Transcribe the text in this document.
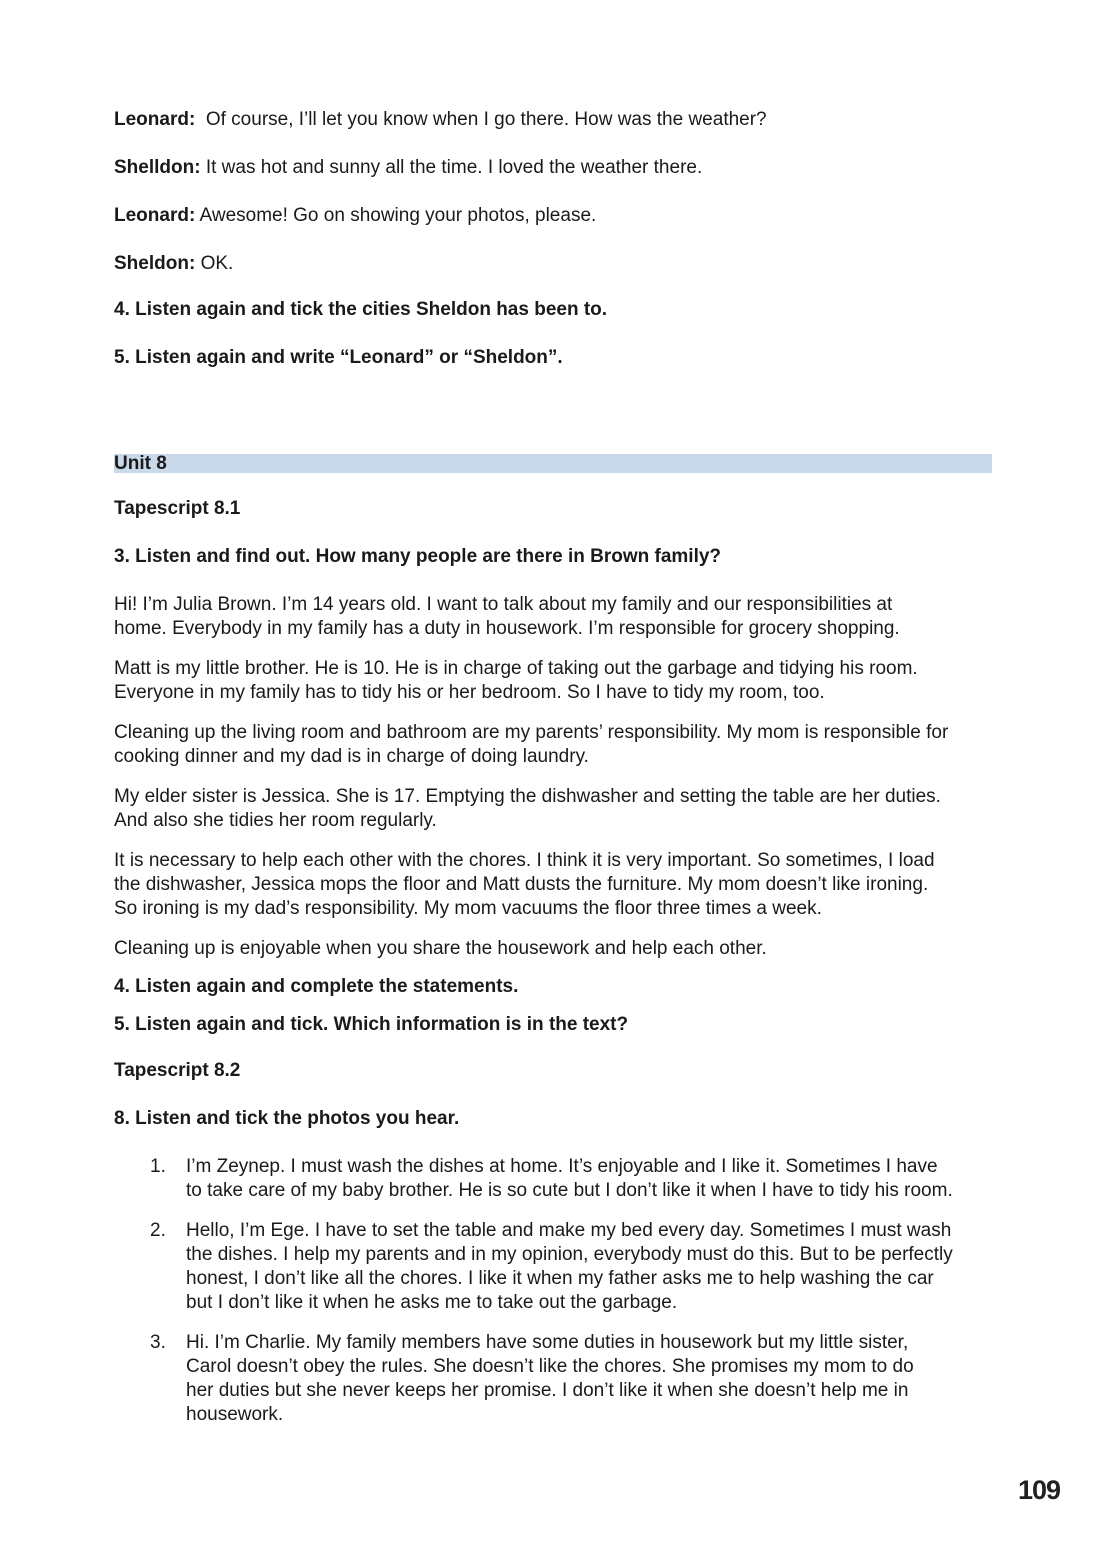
Leonard: Of course, I’ll let you know when I go there. How was the weather?
Shelldon: It was hot and sunny all the time. I loved the weather there.
Leonard: Awesome! Go on showing your photos, please.
Sheldon: OK.
4. Listen again and tick the cities Sheldon has been to.
5. Listen again and write “Leonard” or “Sheldon”.
Unit 8
Tapescript 8.1
3. Listen and find out. How many people are there in Brown family?
Hi! I’m Julia Brown. I’m 14 years old. I want to talk about my family and our responsibilities at
home. Everybody in my family has a duty in housework. I’m responsible for grocery shopping.
Matt is my little brother. He is 10. He is in charge of taking out the garbage and tidying his room.
Everyone in my family has to tidy his or her bedroom. So I have to tidy my room, too.
Cleaning up the living room and bathroom are my parents’ responsibility. My mom is responsible for
cooking dinner and my dad is in charge of doing laundry.
My elder sister is Jessica. She is 17. Emptying the dishwasher and setting the table are her duties.
And also she tidies her room regularly.
It is necessary to help each other with the chores. I think it is very important. So sometimes, I load
the dishwasher, Jessica mops the floor and Matt dusts the furniture. My mom doesn’t like ironing.
So ironing is my dad’s responsibility. My mom vacuums the floor three times a week.
Cleaning up is enjoyable when you share the housework and help each other.
4. Listen again and complete the statements.
5. Listen again and tick. Which information is in the text?
Tapescript 8.2
8. Listen and tick the photos you hear.
1. I’m Zeynep. I must wash the dishes at home. It’s enjoyable and I like it. Sometimes I have
to take care of my baby brother. He is so cute but I don’t like it when I have to tidy his room.
2. Hello, I’m Ege. I have to set the table and make my bed every day. Sometimes I must wash
the dishes. I help my parents and in my opinion, everybody must do this. But to be perfectly
honest, I don’t like all the chores. I like it when my father asks me to help washing the car
but I don’t like it when he asks me to take out the garbage.
3. Hi. I’m Charlie. My family members have some duties in housework but my little sister,
Carol doesn’t obey the rules. She doesn’t like the chores. She promises my mom to do
her duties but she never keeps her promise. I don’t like it when she doesn’t help me in
housework.
109
